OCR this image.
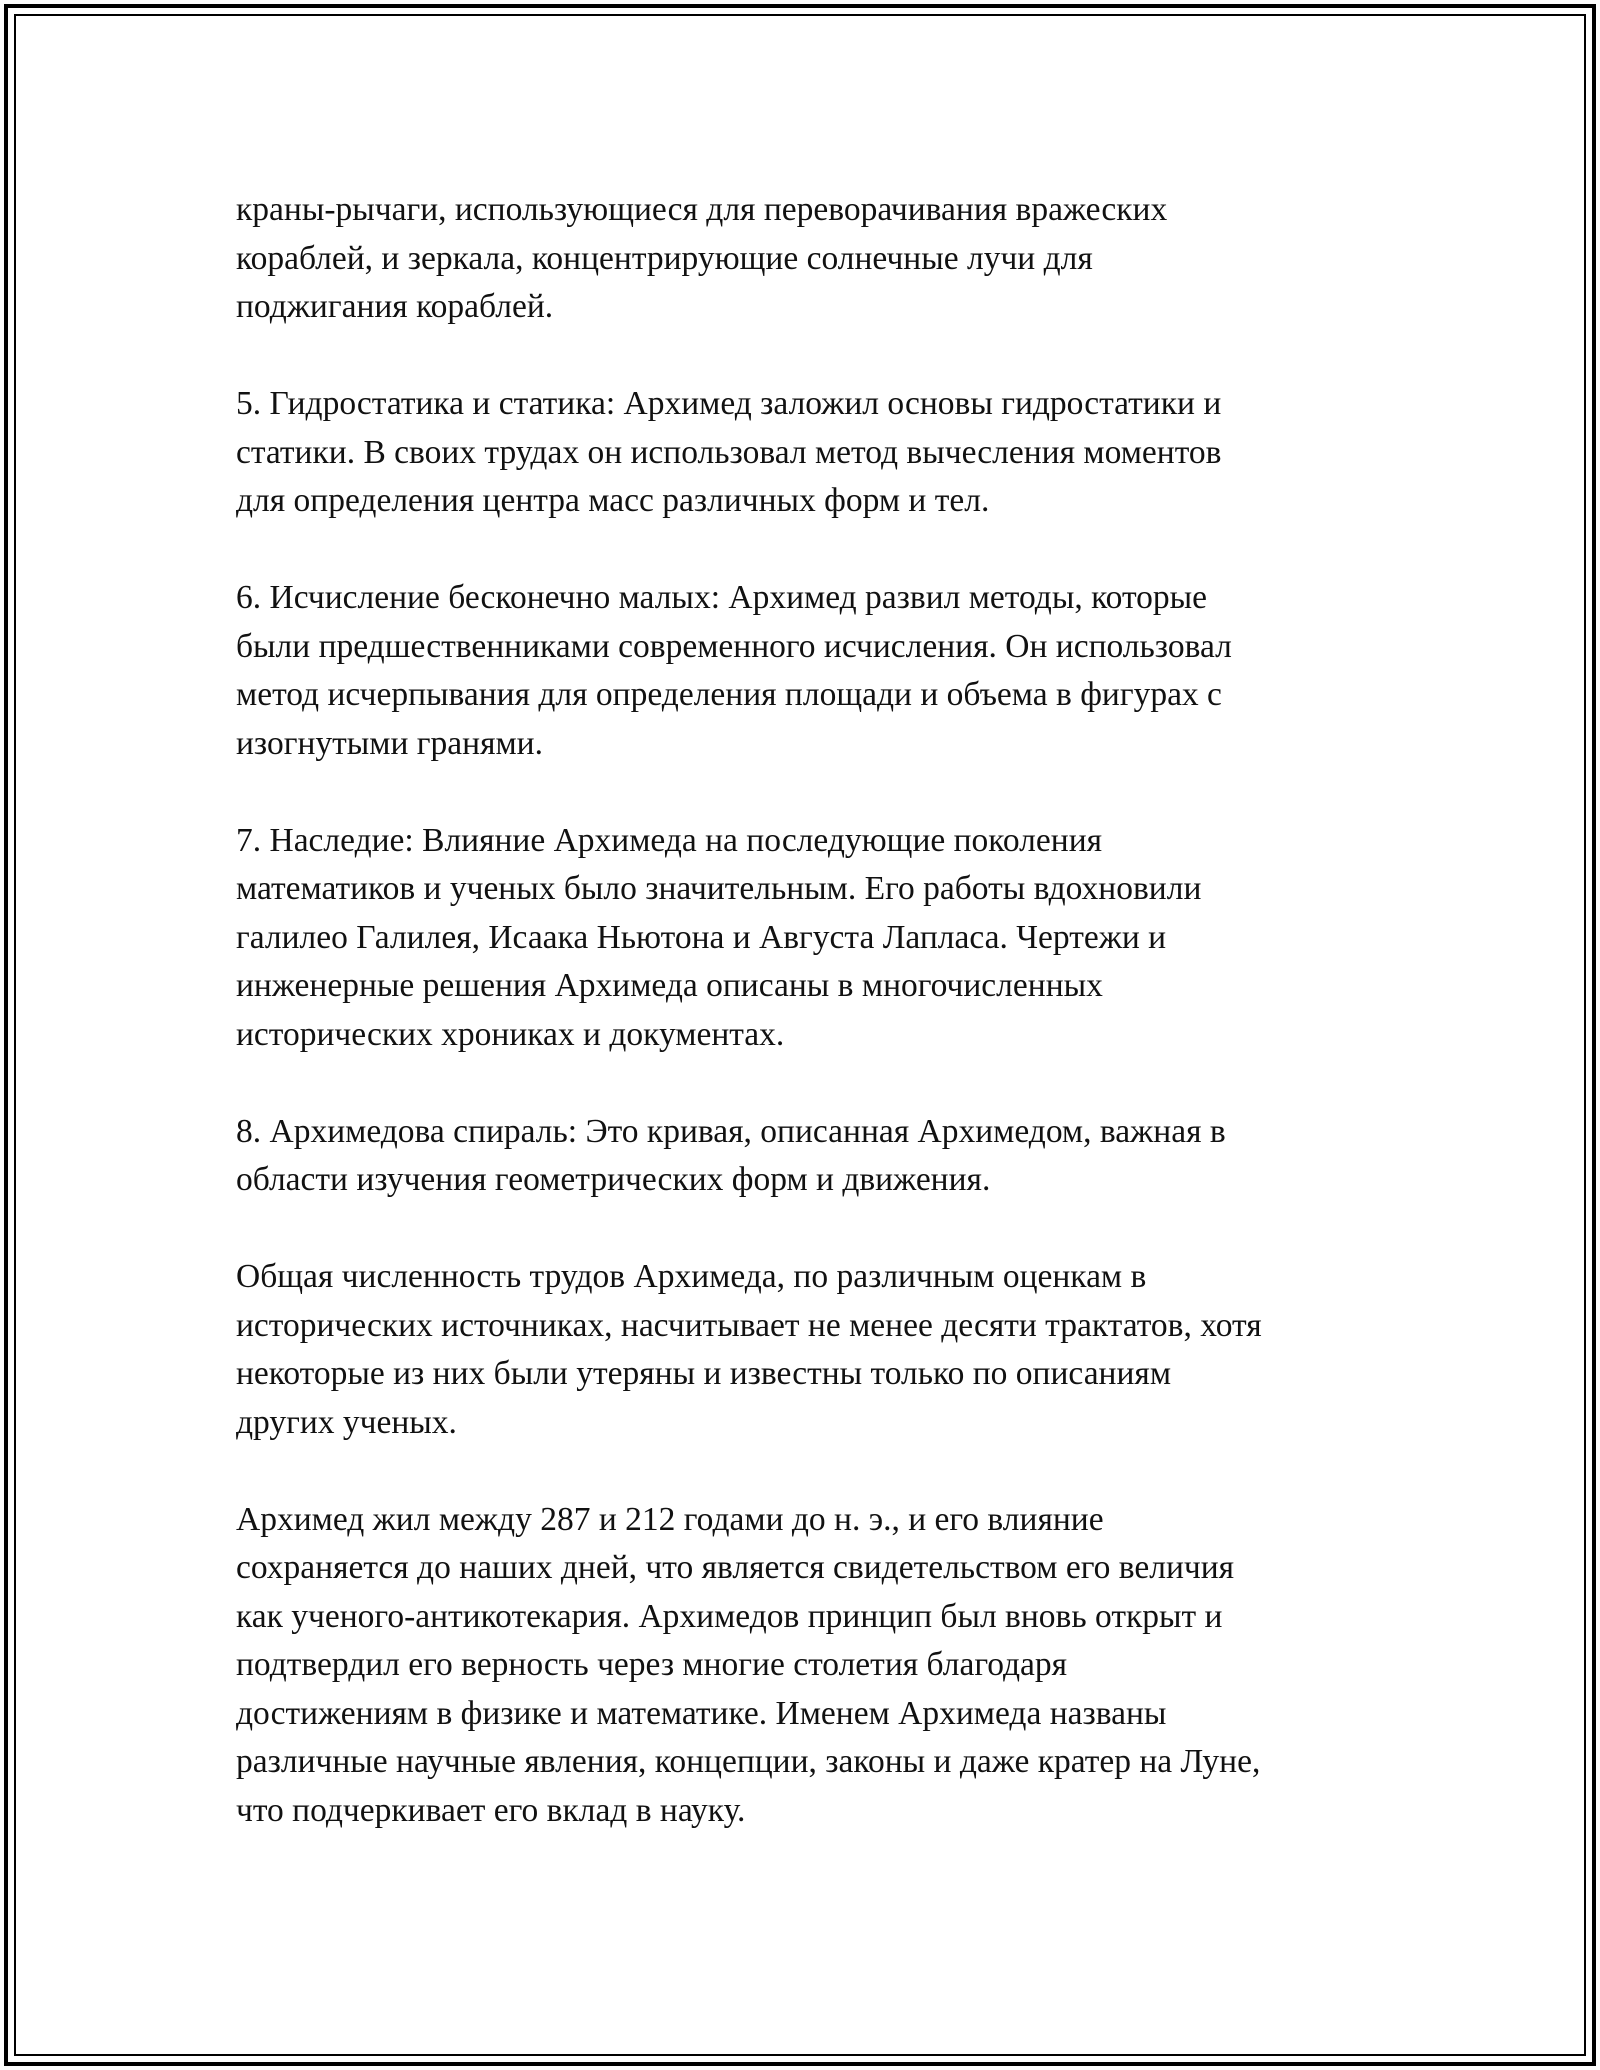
краны-рычаги, использующиеся для переворачивания вражеских
кораблей, и зеркала, концентрирующие солнечные лучи для
поджигания кораблей.

5. Гидростатика и статика: Архимед заложил основы гидростатики и
статики. В своих трудах он использовал метод вычесления моментов
для определения центра масс различных форм и тел.

6. Исчисление бесконечно малых: Архимед развил методы, которые
были предшественниками современного исчисления. Он использовал
метод исчерпывания для определения площади и объема в фигурах с
изогнутыми гранями.

7. Наследие: Влияние Архимеда на последующие поколения
математиков и ученых было значительным. Его работы вдохновили
галилео Галилея, Исаака Ньютона и Августа Лапласа. Чертежи и
инженерные решения Архимеда описаны в многочисленных
исторических хрониках и документах.

8. Архимедова спираль: Это кривая, описанная Архимедом, важная в
области изучения геометрических форм и движения.

Общая численность трудов Архимеда, по различным оценкам в
исторических источниках, насчитывает не менее десяти трактатов, хотя
некоторые из них были утеряны и известны только по описаниям
других ученых.

Архимед жил между 287 и 212 годами до н. э., и его влияние
сохраняется до наших дней, что является свидетельством его величия
как ученого-антикотекария. Архимедов принцип был вновь открыт и
подтвердил его верность через многие столетия благодаря
достижениям в физике и математике. Именем Архимеда названы
различные научные явления, концепции, законы и даже кратер на Луне,
что подчеркивает его вклад в науку.
